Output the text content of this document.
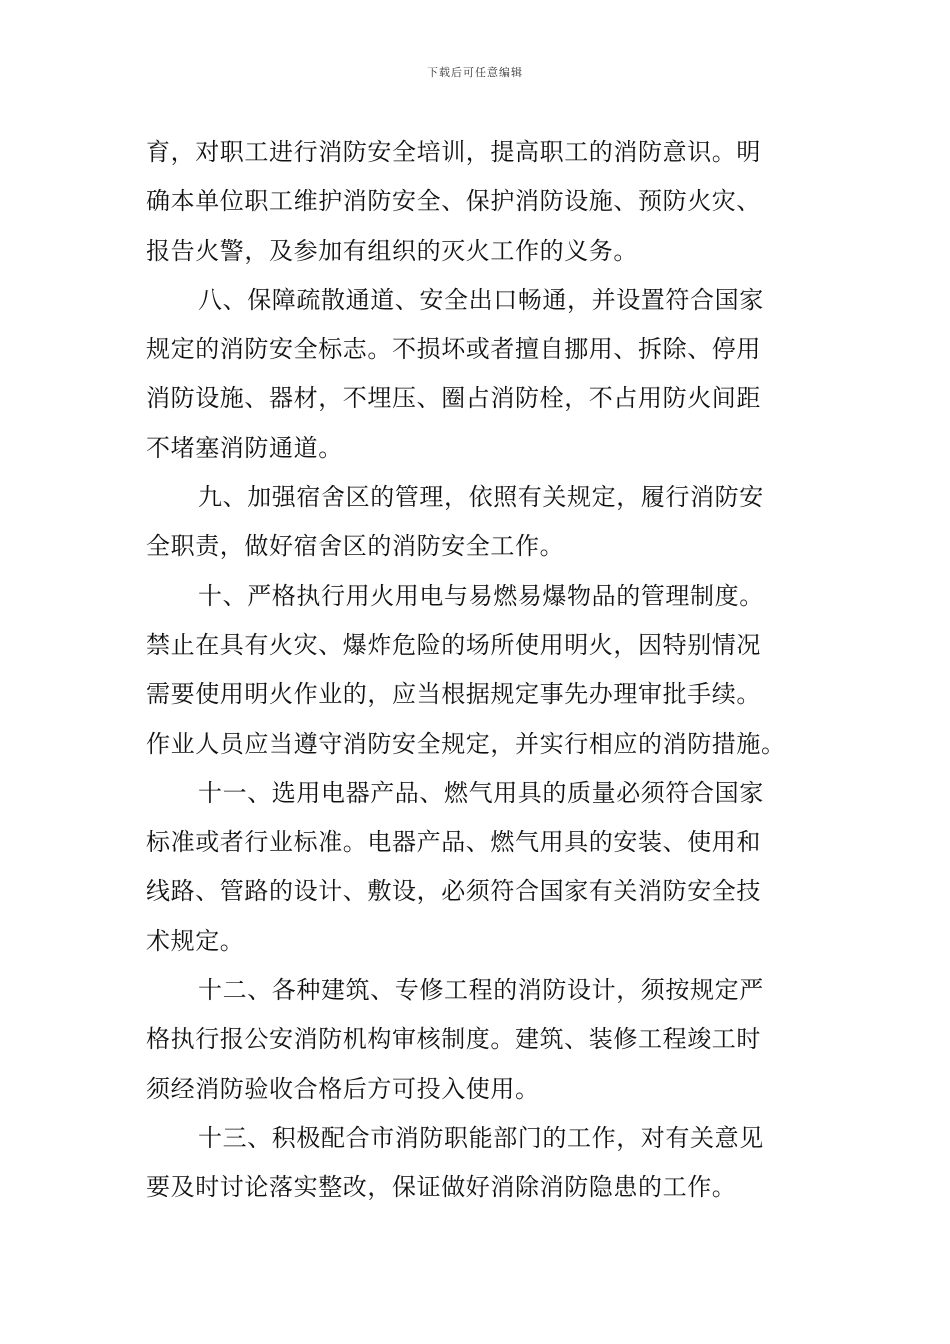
下载后可任意编辑
育，对职工进行消防安全培训，提高职工的消防意识。明
确本单位职工维护消防安全、保护消防设施、预防火灾、
报告火警，及参加有组织的灭火工作的义务。
八、保障疏散通道、安全出口畅通，并设置符合国家
规定的消防安全标志。不损坏或者擅自挪用、拆除、停用
消防设施、器材，不埋压、圈占消防栓，不占用防火间距
不堵塞消防通道。
九、加强宿舍区的管理，依照有关规定，履行消防安
全职责，做好宿舍区的消防安全工作。
十、严格执行用火用电与易燃易爆物品的管理制度。
禁止在具有火灾、爆炸危险的场所使用明火，因特别情况
需要使用明火作业的，应当根据规定事先办理审批手续。
作业人员应当遵守消防安全规定，并实行相应的消防措施。
十一、选用电器产品、燃气用具的质量必须符合国家
标准或者行业标准。电器产品、燃气用具的安装、使用和
线路、管路的设计、敷设，必须符合国家有关消防安全技
术规定。
十二、各种建筑、专修工程的消防设计，须按规定严
格执行报公安消防机构审核制度。建筑、装修工程竣工时
须经消防验收合格后方可投入使用。
十三、积极配合市消防职能部门的工作，对有关意见
要及时讨论落实整改，保证做好消除消防隐患的工作。
